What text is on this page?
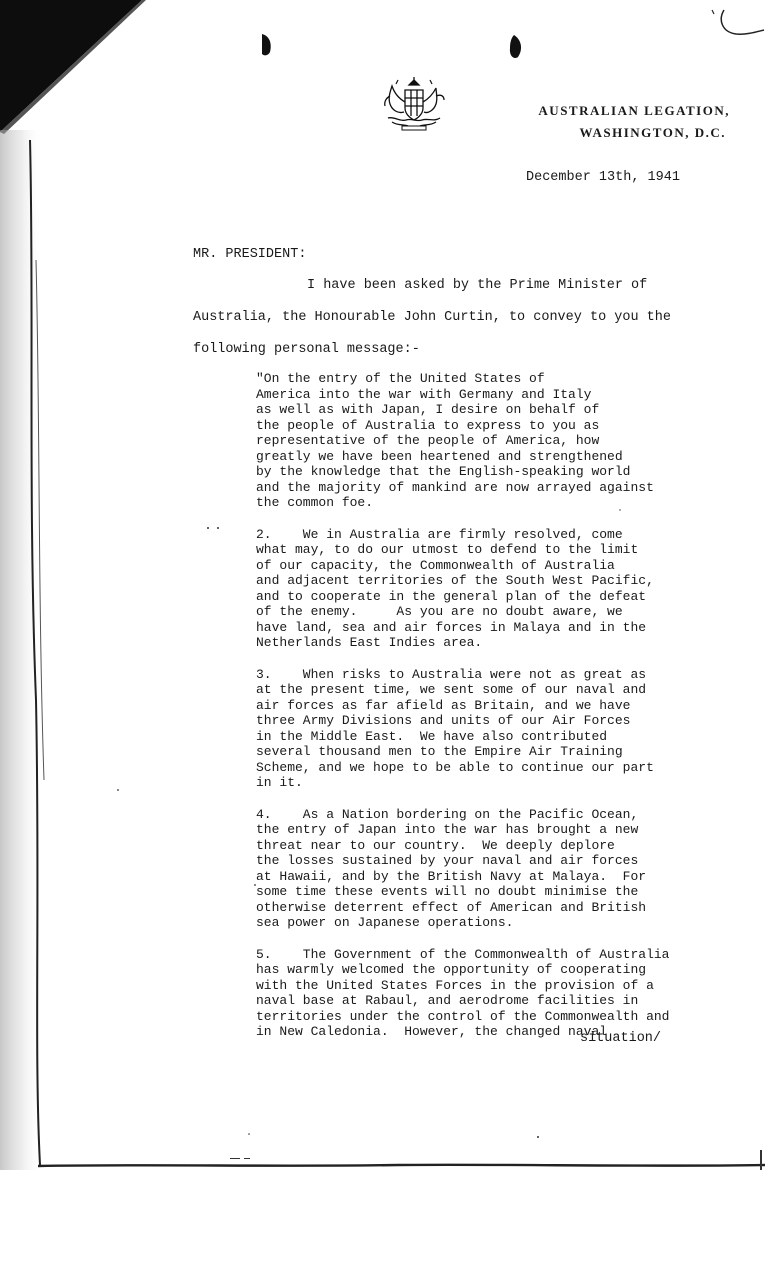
AUSTRALIAN LEGATION,
WASHINGTON, D.C.
December 13th, 1941
MR. PRESIDENT:
I have been asked by the Prime Minister of
Australia, the Honourable John Curtin, to convey to you the
following personal message:-
"On the entry of the United States of
America into the war with Germany and Italy
as well as with Japan, I desire on behalf of
the people of Australia to express to you as
representative of the people of America, how
greatly we have been heartened and strengthened
by the knowledge that the English-speaking world
and the majority of mankind are now arrayed against
the common foe.
2.    We in Australia are firmly resolved, come
what may, to do our utmost to defend to the limit
of our capacity, the Commonwealth of Australia
and adjacent territories of the South West Pacific,
and to cooperate in the general plan of the defeat
of the enemy.     As you are no doubt aware, we
have land, sea and air forces in Malaya and in the
Netherlands East Indies area.
3.    When risks to Australia were not as great as
at the present time, we sent some of our naval and
air forces as far afield as Britain, and we have
three Army Divisions and units of our Air Forces
in the Middle East.  We have also contributed
several thousand men to the Empire Air Training
Scheme, and we hope to be able to continue our part
in it.
4.    As a Nation bordering on the Pacific Ocean,
the entry of Japan into the war has brought a new
threat near to our country.  We deeply deplore
the losses sustained by your naval and air forces
at Hawaii, and by the British Navy at Malaya.  For
some time these events will no doubt minimise the
otherwise deterrent effect of American and British
sea power on Japanese operations.
5.    The Government of the Commonwealth of Australia
has warmly welcomed the opportunity of cooperating
with the United States Forces in the provision of a
naval base at Rabaul, and aerodrome facilities in
territories under the control of the Commonwealth and
in New Caledonia.  However, the changed naval
situation/
